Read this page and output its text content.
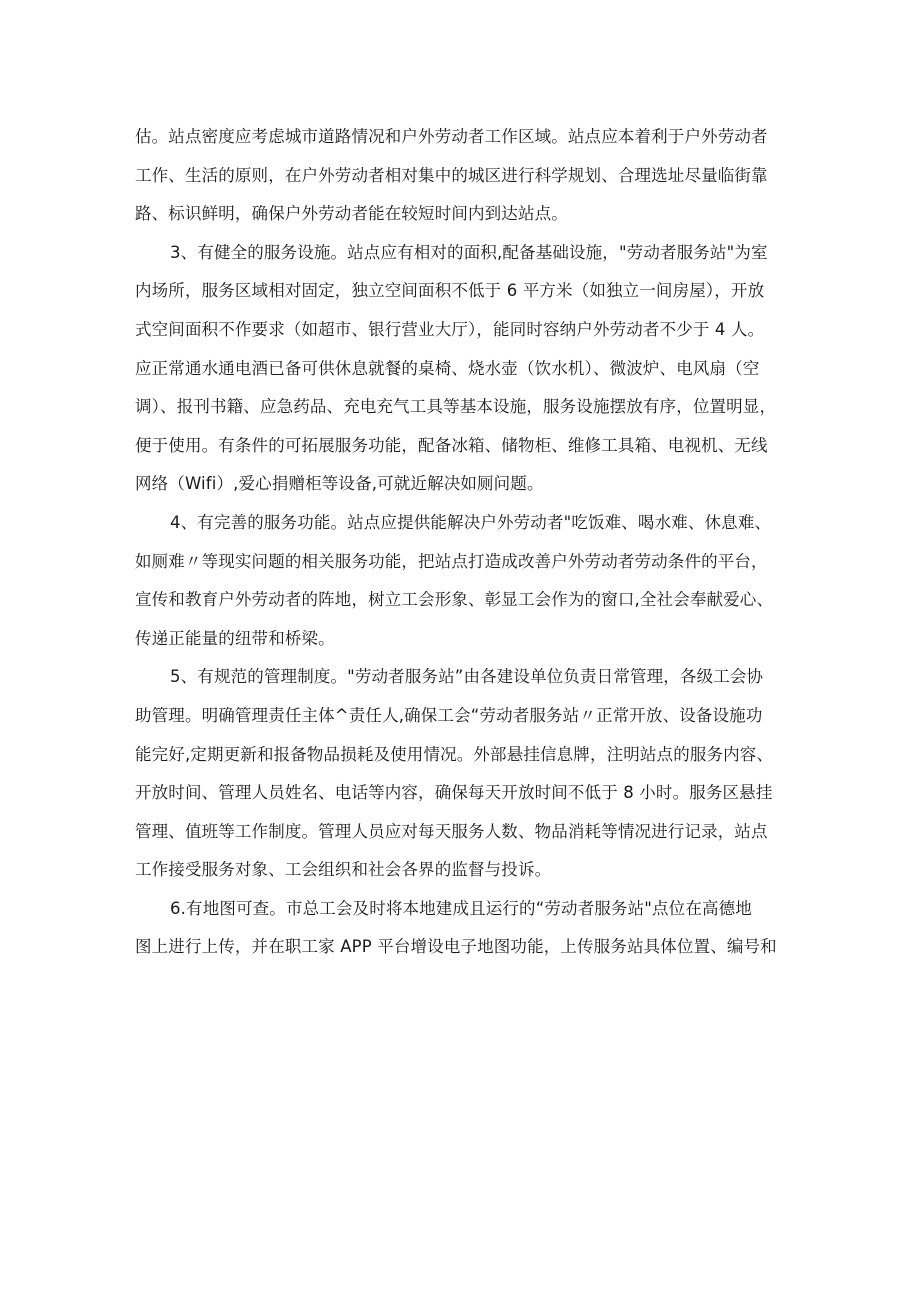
估。站点密度应考虑城市道路情况和户外劳动者工作区域。站点应本着利于户外劳动者
工作、生活的原则，在户外劳动者相对集中的城区进行科学规划、合理选址尽量临街靠
路、标识鲜明，确保户外劳动者能在较短时间内到达站点。
3、有健全的服务设施。站点应有相对的面积,配备基础设施，"劳动者服务站"为室
内场所，服务区域相对固定，独立空间面积不低于 6 平方米（如独立一间房屋），开放
式空间面积不作要求（如超市、银行营业大厅），能同时容纳户外劳动者不少于 4 人。
应正常通水通电酒已备可供休息就餐的桌椅、烧水壶（饮水机）、微波炉、电风扇（空
调）、报刊书籍、应急药品、充电充气工具等基本设施，服务设施摆放有序，位置明显，
便于使用。有条件的可拓展服务功能，配备冰箱、储物柜、维修工具箱、电视机、无线
网络（Wifi）,爱心捐赠柜等设备,可就近解决如厕问题。
4、有完善的服务功能。站点应提供能解决户外劳动者"吃饭难、喝水难、休息难、
如厕难〃等现实问题的相关服务功能，把站点打造成改善户外劳动者劳动条件的平台，
宣传和教育户外劳动者的阵地，树立工会形象、彰显工会作为的窗口,全社会奉献爱心、
传递正能量的纽带和桥梁。
5、有规范的管理制度。"劳动者服务站”由各建设单位负责日常管理，各级工会协
助管理。明确管理责任主体^责任人,确保工会“劳动者服务站〃正常开放、设备设施功
能完好,定期更新和报备物品损耗及使用情况。外部悬挂信息牌，注明站点的服务内容、
开放时间、管理人员姓名、电话等内容，确保每天开放时间不低于 8 小时。服务区悬挂
管理、值班等工作制度。管理人员应对每天服务人数、物品消耗等情况进行记录，站点
工作接受服务对象、工会组织和社会各界的监督与投诉。
6.有地图可查。市总工会及时将本地建成且运行的“劳动者服务站"点位在高德地
图上进行上传，并在职工家 APP 平台增设电子地图功能，上传服务站具体位置、编号和
